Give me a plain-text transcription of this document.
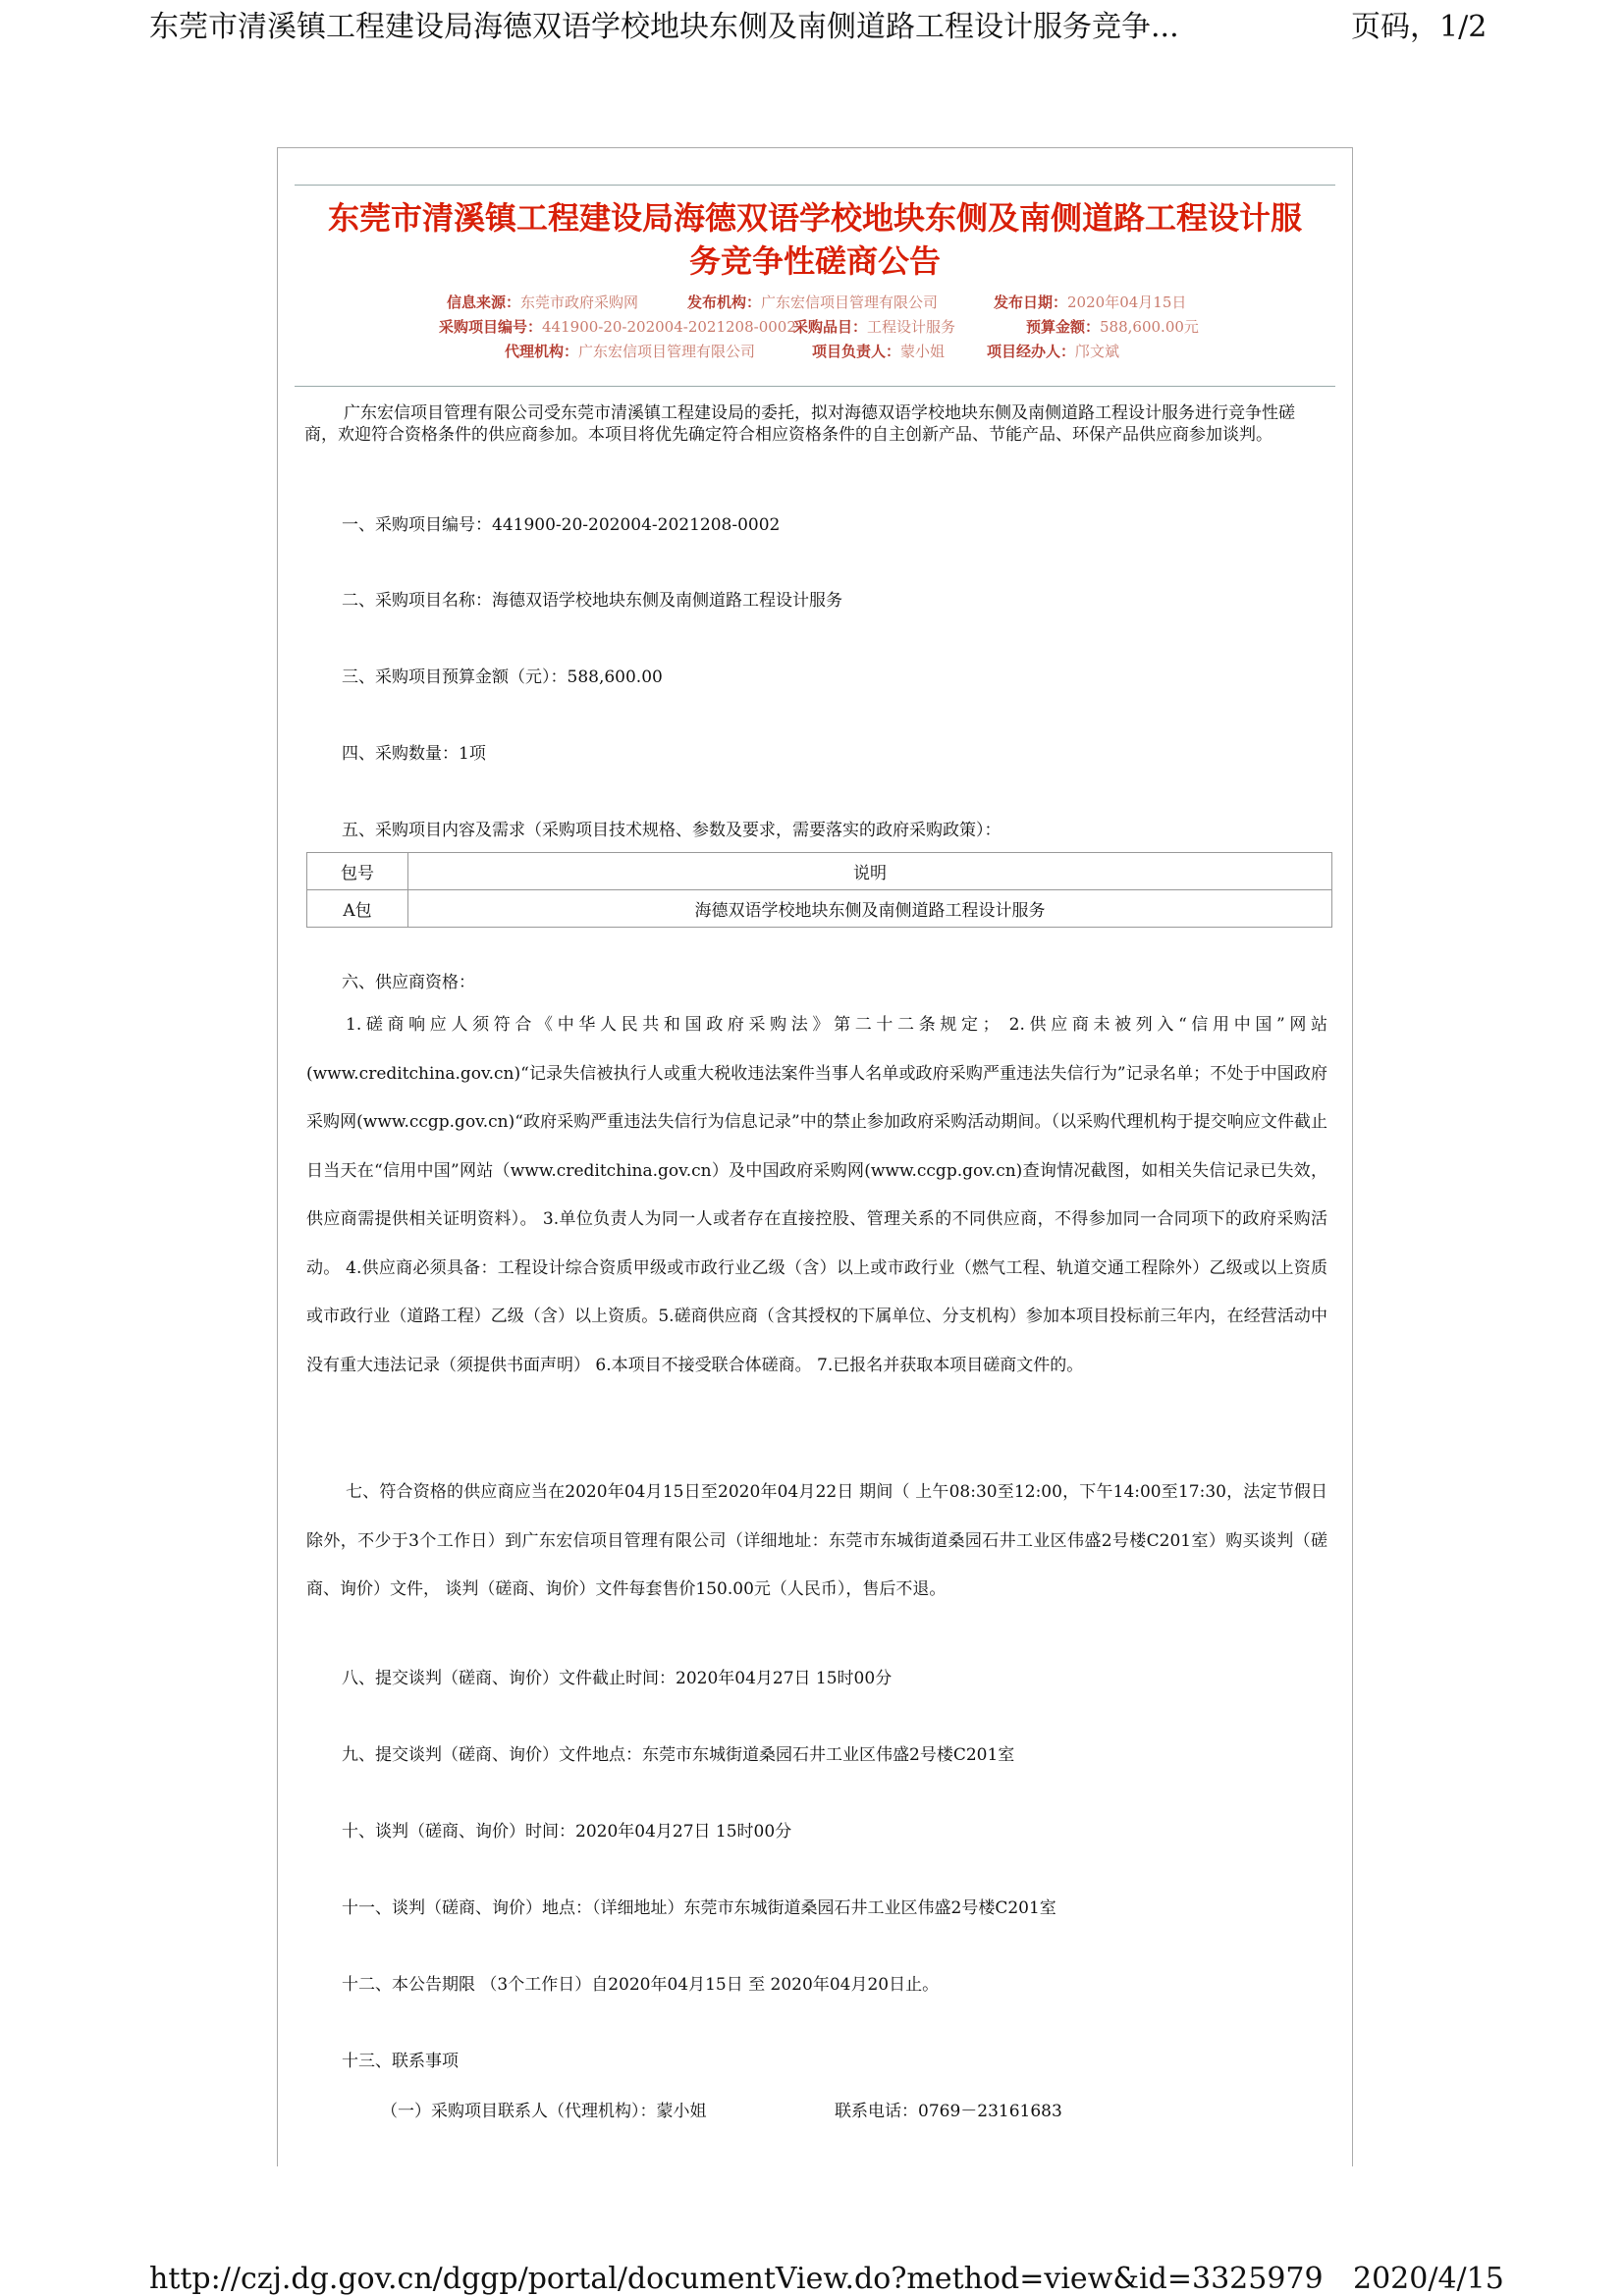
东莞市清溪镇工程建设局海德双语学校地块东侧及南侧道路工程设计服务竞争...	页码，1/2
东莞市清溪镇工程建设局海德双语学校地块东侧及南侧道路工程设计服
务竞争性磋商公告
信息来源：东莞市政府采购网	发布机构：广东宏信项目管理有限公司	发布日期：2020年04月15日
采购项目编号：441900-20-202004-2021208-0002
采购品目：工程设计服务	预算金额：588,600.00元
代理机构：广东宏信项目管理有限公司	项目负责人：蒙小姐	项目经办人：邝文斌
广东宏信项目管理有限公司受东莞市清溪镇工程建设局的委托，拟对海德双语学校地块东侧及南侧道路工程设计服务进行竞争性磋商，欢迎符合资格条件的供应商参加。本项目将优先确定符合相应资格条件的自主创新产品、节能产品、环保产品供应商参加谈判。
一、采购项目编号：441900-20-202004-2021208-0002
二、采购项目名称：海德双语学校地块东侧及南侧道路工程设计服务
三、采购项目预算金额（元）：588,600.00
四、采购数量：1项
五、采购项目内容及需求（采购项目技术规格、参数及要求，需要落实的政府采购政策）：
包号	说明
A包	海德双语学校地块东侧及南侧道路工程设计服务
六、供应商资格：

1.磋商响应人须符合《中华人民共和国政府采购法》第二十二条规定； 2.供应商未被列入“信用中国”网站(www.creditchina.gov.cn)“记录失信被执行人或重大税收违法案件当事人名单或政府采购严重违法失信行为”记录名单；不处于中国政府采购网(www.ccgp.gov.cn)“政府采购严重违法失信行为信息记录”中的禁止参加政府采购活动期间。（以采购代理机构于提交响应文件截止日当天在“信用中国”网站（www.creditchina.gov.cn）及中国政府采购网(www.ccgp.gov.cn)查询情况截图，如相关失信记录已失效，供应商需提供相关证明资料）。 3.单位负责人为同一人或者存在直接控股、管理关系的不同供应商，不得参加同一合同项下的政府采购活动。 4.供应商必须具备：工程设计综合资质甲级或市政行业乙级（含）以上或市政行业（燃气工程、轨道交通工程除外）乙级或以上资质或市政行业（道路工程）乙级（含）以上资质。5.磋商供应商（含其授权的下属单位、分支机构）参加本项目投标前三年内，在经营活动中没有重大违法记录（须提供书面声明） 6.本项目不接受联合体磋商。 7.已报名并获取本项目磋商文件的。

七、符合资格的供应商应当在2020年04月15日至2020年04月22日 期间（ 上午08:30至12:00，下午14:00至17:30，法定节假日除外，不少于3个工作日）到广东宏信项目管理有限公司（详细地址：东莞市东城街道桑园石井工业区伟盛2号楼C201室）购买谈判（磋商、询价）文件， 谈判（磋商、询价）文件每套售价150.00元（人民币），售后不退。

八、提交谈判（磋商、询价）文件截止时间：2020年04月27日 15时00分
九、提交谈判（磋商、询价）文件地点：东莞市东城街道桑园石井工业区伟盛2号楼C201室
十、谈判（磋商、询价）时间：2020年04月27日 15时00分
十一、谈判（磋商、询价）地点：（详细地址）东莞市东城街道桑园石井工业区伟盛2号楼C201室
十二、本公告期限 （3个工作日）自2020年04月15日 至 2020年04月20日止。
十三、联系事项
（一）采购项目联系人（代理机构）：蒙小姐	联系电话：0769－23161683
http://czj.dg.gov.cn/dggp/portal/documentView.do?method=view&id=3325979 2020/4/15
